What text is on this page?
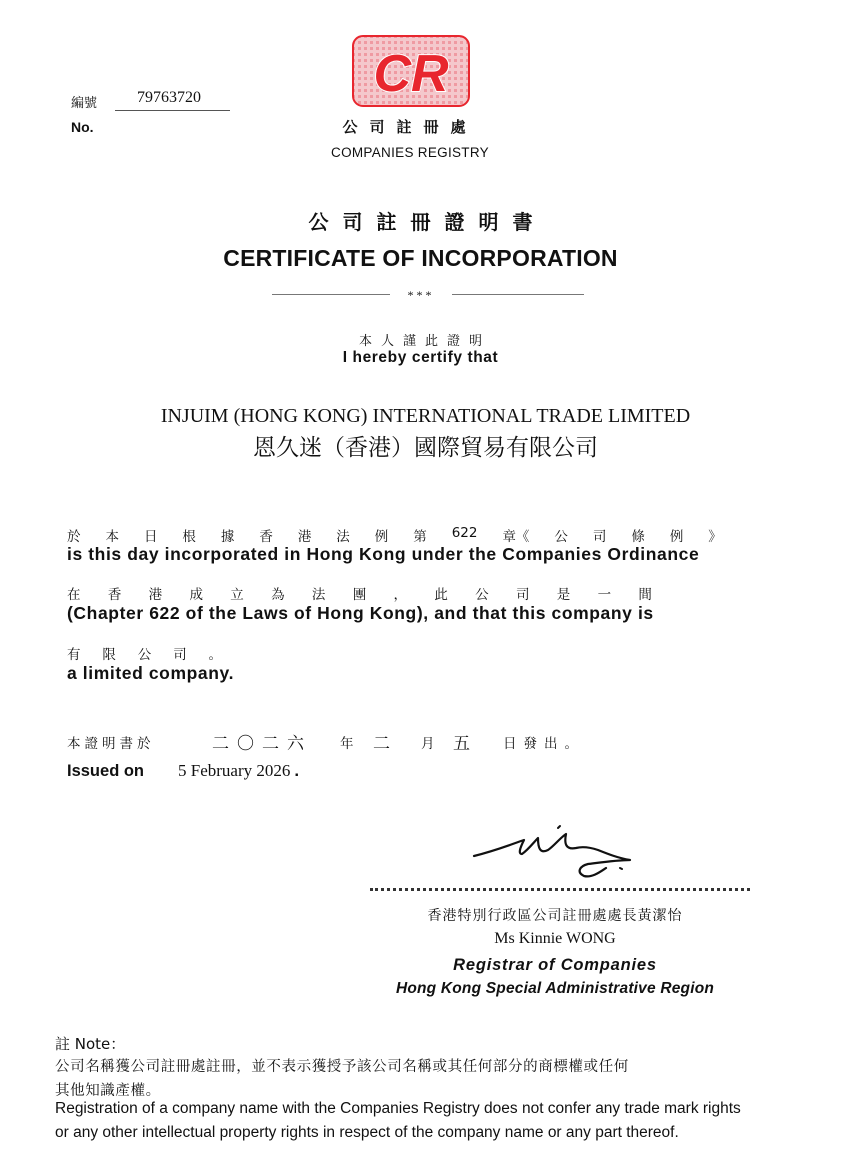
CR
公司註冊處
COMPANIES REGISTRY
編號	79763720
No.
公司註冊證明書
CERTIFICATE OF INCORPORATION
***
本人謹此證明
I hereby certify that
INJUIM (HONG KONG) INTERNATIONAL TRADE LIMITED
恩久迷（香港）國際貿易有限公司
於 本 日 根 據 香 港 法 例 第 622 章《 公 司 條 例 》
is this day incorporated in Hong Kong under the Companies Ordinance
在 香 港 成 立 為 法 團 ， 此 公 司 是 一 間
(Chapter 622 of the Laws of Hong Kong), and that this company is
有 限 公 司 。
a limited company.
本證明書於	二〇二六 年 二 月 五 日發出。
Issued on 5 February 2026 .
香港特別行政區公司註冊處處長黃潔怡
Ms Kinnie WONG
Registrar of Companies
Hong Kong Special Administrative Region
註 Note：
公司名稱獲公司註冊處註冊，並不表示獲授予該公司名稱或其任何部分的商標權或任何
其他知識產權。
Registration of a company name with the Companies Registry does not confer any trade mark rights
or any other intellectual property rights in respect of the company name or any part thereof.
